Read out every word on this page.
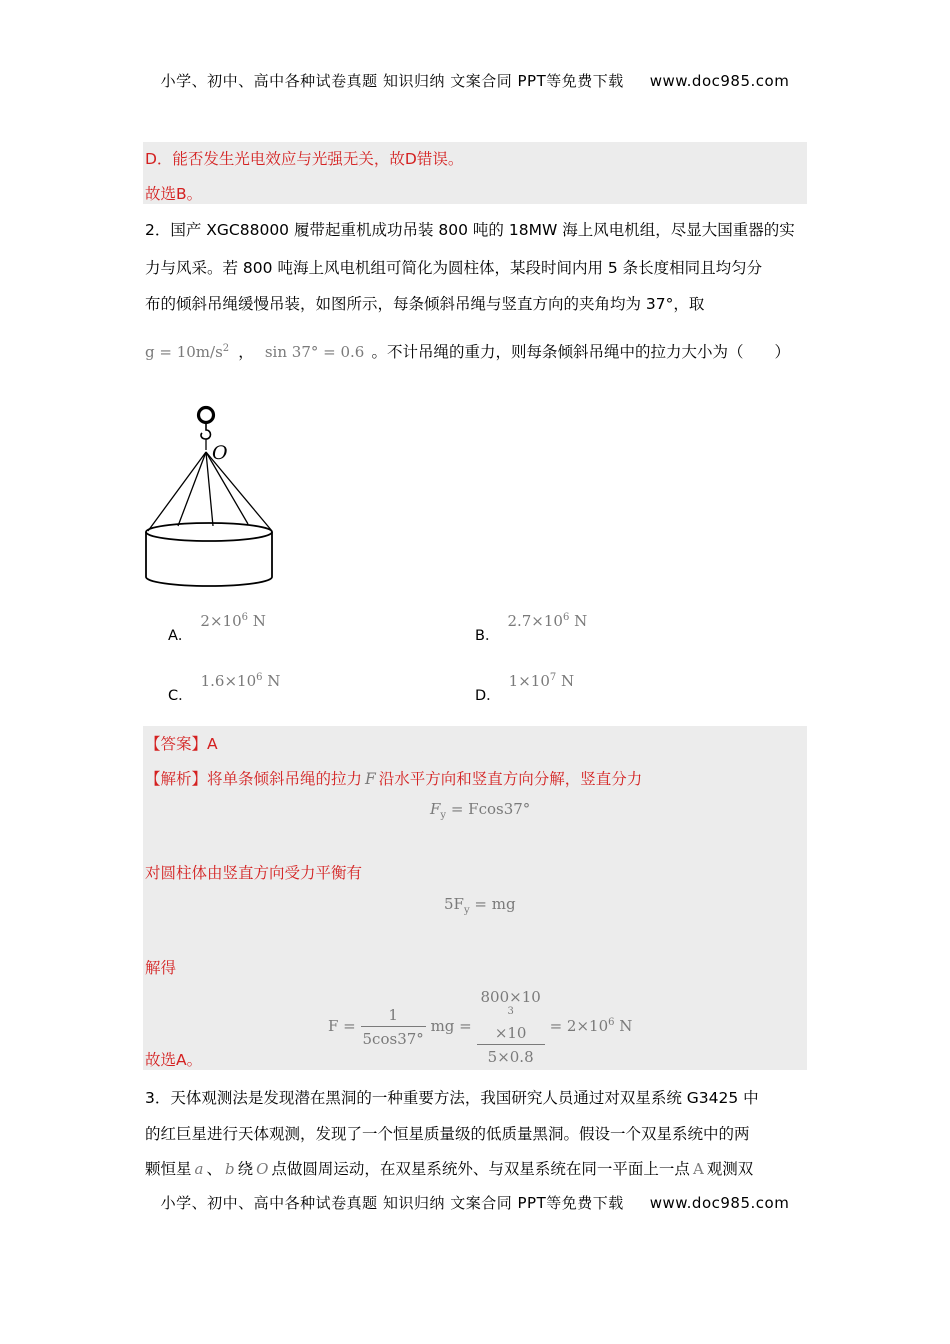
小学、初中、高中各种试卷真题 知识归纳 文案合同 PPT等免费下载 www.doc985.com
D．能否发生光电效应与光强无关，故D错误。
故选B。
2．国产 XGC88000 履带起重机成功吊装 800 吨的 18MW 海上风电机组，尽显大国重器的实
力与风采。若 800 吨海上风电机组可简化为圆柱体，某段时间内用 5 条长度相同且均匀分
布的倾斜吊绳缓慢吊装，如图所示，每条倾斜吊绳与竖直方向的夹角均为 37°，取
$g = 10m/s^2$ ， sin 37° = 0.6 。不计吊绳的重力，则每条倾斜吊绳中的拉力大小为（　　）
O
A．$2\times 10^6$ N
B．$2.7\times 10^6$ N
C．$1.6\times 10^6$ N
D．$1\times 10^7$ N
【答案】A
【解析】将单条倾斜吊绳的拉力 F 沿水平方向和竖直方向分解，竖直分力
$F_y = Fcos37^\circ$
对圆柱体由竖直方向受力平衡有
$5F_y$ = mg
解得
$F = \frac{1}{5\cos 37^\circ}$ mg = 800×10
$^3$
×10
$5\times 0.8 = 2\times 10^6$ N
故选A。
3．天体观测法是发现潜在黑洞的一种重要方法，我国研究人员通过对双星系统 G3425 中
的红巨星进行天体观测，发现了一个恒星质量级的低质量黑洞。假设一个双星系统中的两
颗恒星 a 、 b 绕 O 点做圆周运动，在双星系统外、与双星系统在同一平面上一点 A 观测双
小学、初中、高中各种试卷真题 知识归纳 文案合同 PPT等免费下载 www.doc985.com
